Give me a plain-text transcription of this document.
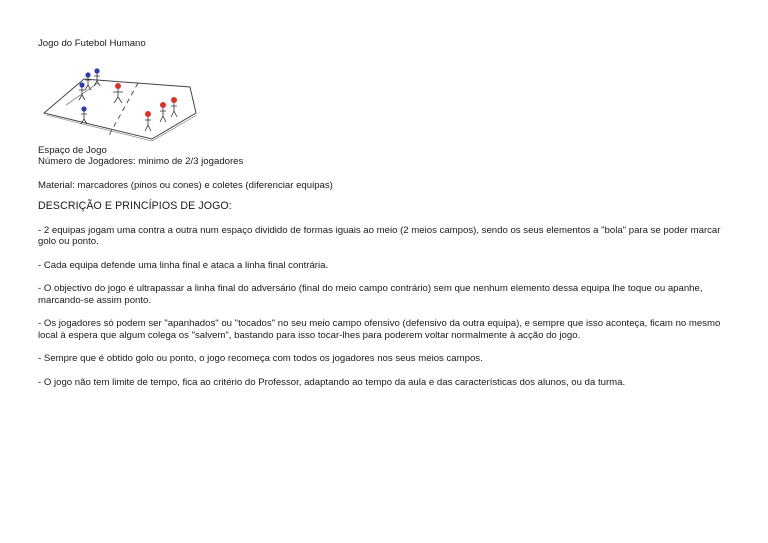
Jogo do Futebol Humano

Espaço de Jogo

Número de Jogadores: minimo de 2/3 jogadores

Material: marcadores (pinos ou cones) e coletes (diferenciar equipas)

DESCRIÇÃO E PRINCÍPIOS DE JOGO:

- 2 equipas jogam uma contra a outra num espaço dividido de formas iguais ao meio (2 meios campos), sendo os seus elementos a "bola" para se poder marcar golo ou ponto.

- Cada equipa defende uma linha final e ataca a linha final contrária.

- O objectivo do jogo é ultrapassar a linha final do adversário (final do meio campo contrário) sem que nenhum elemento dessa equipa lhe toque ou apanhe, marcando-se assim ponto.

- Os jogadores só podem ser "apanhados" ou "tocados" no seu meio campo ofensivo (defensivo da outra equipa), e sempre que isso aconteça, ficam no mesmo local à espera que algum colega os "salvem", bastando para isso tocar-lhes para poderem voltar normalmente à acção do jogo.

- Sempre que é obtido golo ou ponto, o jogo recomeça com todos os jogadores nos seus meios campos.

- O jogo não tem limite de tempo, fica ao critério do Professor, adaptando ao tempo da aula e das características dos alunos, ou da turma.
